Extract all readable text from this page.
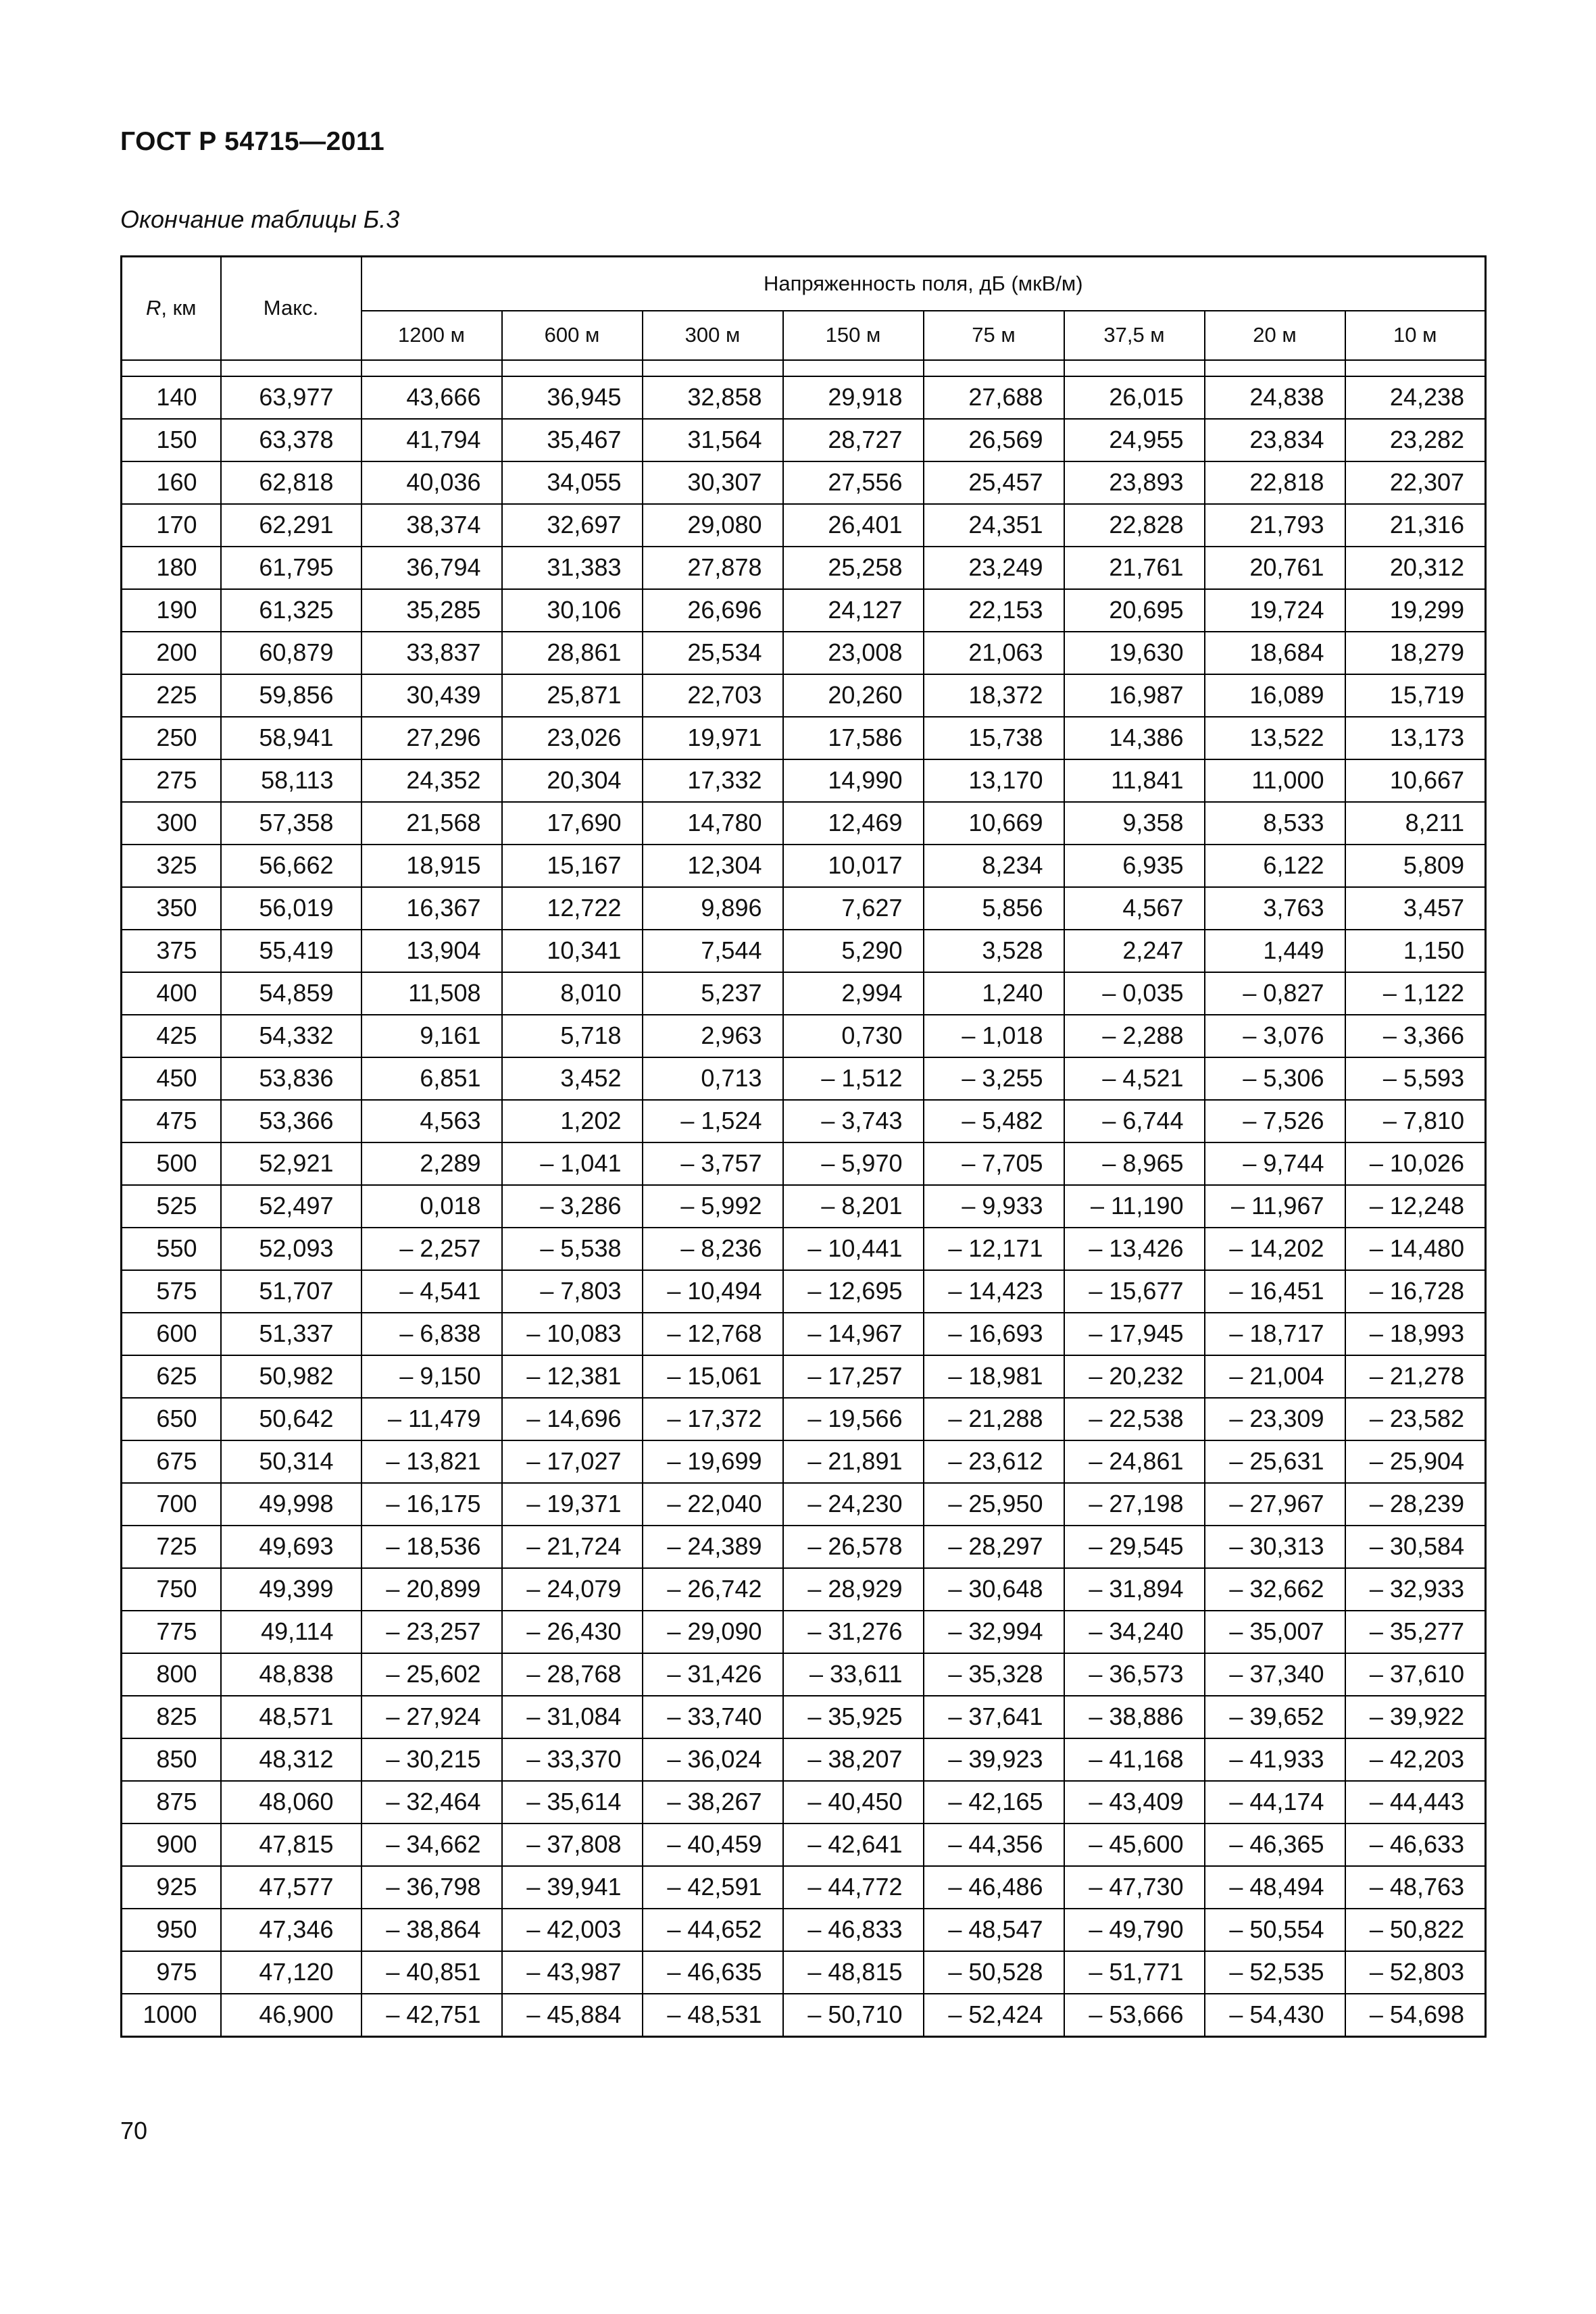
ГОСТ Р 54715—2011
Окончание таблицы Б.3
R, км	Макс.	Напряженность поля, дБ (мкВ/м)							
		1200 м	600 м	300 м	150 м	75 м	37,5 м	20 м	10 м

140	63,977	43,666	36,945	32,858	29,918	27,688	26,015	24,838	24,238
150	63,378	41,794	35,467	31,564	28,727	26,569	24,955	23,834	23,282
160	62,818	40,036	34,055	30,307	27,556	25,457	23,893	22,818	22,307
170	62,291	38,374	32,697	29,080	26,401	24,351	22,828	21,793	21,316
180	61,795	36,794	31,383	27,878	25,258	23,249	21,761	20,761	20,312
190	61,325	35,285	30,106	26,696	24,127	22,153	20,695	19,724	19,299
200	60,879	33,837	28,861	25,534	23,008	21,063	19,630	18,684	18,279
225	59,856	30,439	25,871	22,703	20,260	18,372	16,987	16,089	15,719
250	58,941	27,296	23,026	19,971	17,586	15,738	14,386	13,522	13,173
275	58,113	24,352	20,304	17,332	14,990	13,170	11,841	11,000	10,667
300	57,358	21,568	17,690	14,780	12,469	10,669	9,358	8,533	8,211
325	56,662	18,915	15,167	12,304	10,017	8,234	6,935	6,122	5,809
350	56,019	16,367	12,722	9,896	7,627	5,856	4,567	3,763	3,457
375	55,419	13,904	10,341	7,544	5,290	3,528	2,247	1,449	1,150
400	54,859	11,508	8,010	5,237	2,994	1,240	– 0,035	– 0,827	– 1,122
425	54,332	9,161	5,718	2,963	0,730	– 1,018	– 2,288	– 3,076	– 3,366
450	53,836	6,851	3,452	0,713	– 1,512	– 3,255	– 4,521	– 5,306	– 5,593
475	53,366	4,563	1,202	– 1,524	– 3,743	– 5,482	– 6,744	– 7,526	– 7,810
500	52,921	2,289	– 1,041	– 3,757	– 5,970	– 7,705	– 8,965	– 9,744	– 10,026
525	52,497	0,018	– 3,286	– 5,992	– 8,201	– 9,933	– 11,190	– 11,967	– 12,248
550	52,093	– 2,257	– 5,538	– 8,236	– 10,441	– 12,171	– 13,426	– 14,202	– 14,480
575	51,707	– 4,541	– 7,803	– 10,494	– 12,695	– 14,423	– 15,677	– 16,451	– 16,728
600	51,337	– 6,838	– 10,083	– 12,768	– 14,967	– 16,693	– 17,945	– 18,717	– 18,993
625	50,982	– 9,150	– 12,381	– 15,061	– 17,257	– 18,981	– 20,232	– 21,004	– 21,278
650	50,642	– 11,479	– 14,696	– 17,372	– 19,566	– 21,288	– 22,538	– 23,309	– 23,582
675	50,314	– 13,821	– 17,027	– 19,699	– 21,891	– 23,612	– 24,861	– 25,631	– 25,904
700	49,998	– 16,175	– 19,371	– 22,040	– 24,230	– 25,950	– 27,198	– 27,967	– 28,239
725	49,693	– 18,536	– 21,724	– 24,389	– 26,578	– 28,297	– 29,545	– 30,313	– 30,584
750	49,399	– 20,899	– 24,079	– 26,742	– 28,929	– 30,648	– 31,894	– 32,662	– 32,933
775	49,114	– 23,257	– 26,430	– 29,090	– 31,276	– 32,994	– 34,240	– 35,007	– 35,277
800	48,838	– 25,602	– 28,768	– 31,426	– 33,611	– 35,328	– 36,573	– 37,340	– 37,610
825	48,571	– 27,924	– 31,084	– 33,740	– 35,925	– 37,641	– 38,886	– 39,652	– 39,922
850	48,312	– 30,215	– 33,370	– 36,024	– 38,207	– 39,923	– 41,168	– 41,933	– 42,203
875	48,060	– 32,464	– 35,614	– 38,267	– 40,450	– 42,165	– 43,409	– 44,174	– 44,443
900	47,815	– 34,662	– 37,808	– 40,459	– 42,641	– 44,356	– 45,600	– 46,365	– 46,633
925	47,577	– 36,798	– 39,941	– 42,591	– 44,772	– 46,486	– 47,730	– 48,494	– 48,763
950	47,346	– 38,864	– 42,003	– 44,652	– 46,833	– 48,547	– 49,790	– 50,554	– 50,822
975	47,120	– 40,851	– 43,987	– 46,635	– 48,815	– 50,528	– 51,771	– 52,535	– 52,803
1000	46,900	– 42,751	– 45,884	– 48,531	– 50,710	– 52,424	– 53,666	– 54,430	– 54,698
70
